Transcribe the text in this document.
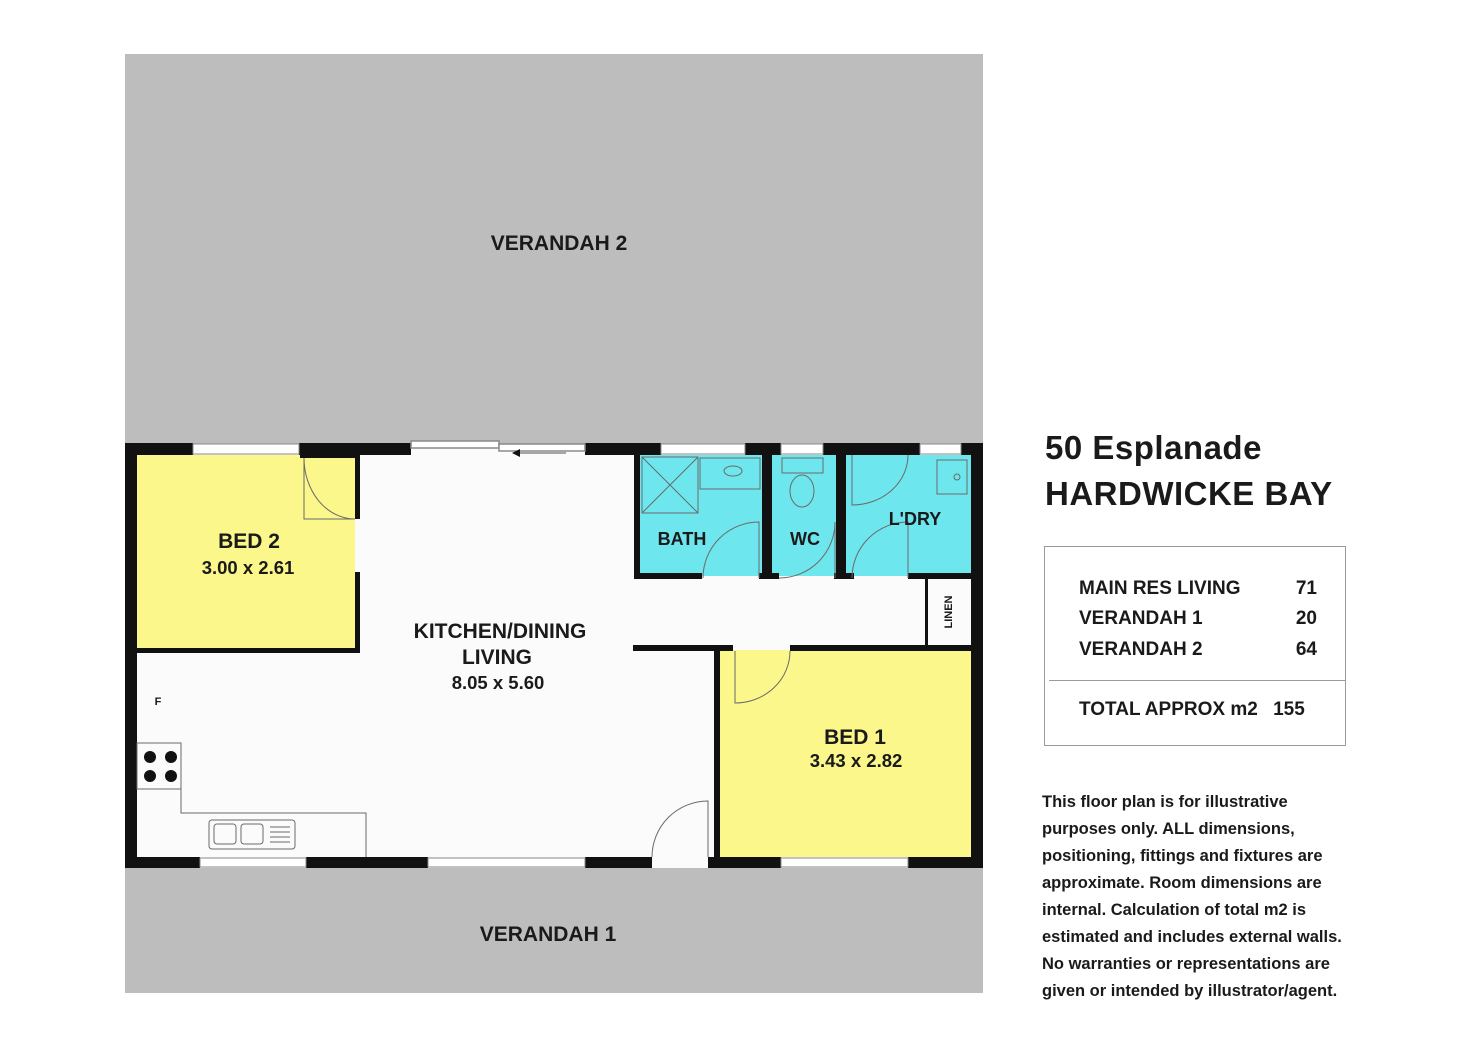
VERANDAH 2
VERANDAH 1
BED 2
3.00 x 2.61
KITCHEN/DINING
LIVING
8.05 x 5.60
BED 1
3.43 x 2.82
BATH	WC
L'DRY
LINEN
F
50 Esplanade
HARDWICKE BAY
MAIN RES LIVING	71
VERANDAH 1	20
VERANDAH 2	64
TOTAL APPROX m2 155
This floor plan is for illustrative
purposes only. ALL dimensions,
positioning, fittings and fixtures are
approximate. Room dimensions are
internal. Calculation of total m2 is
estimated and includes external walls.
No warranties or representations are
given or intended by illustrator/agent.
